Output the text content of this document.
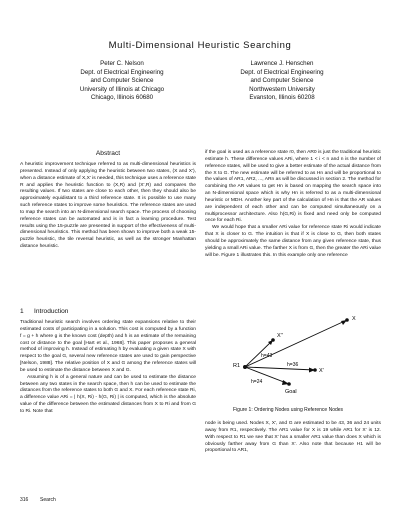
Multi-Dimensional Heuristic Searching
Peter C. Nelson
Dept. of Electrical Engineering
and Computer Science
University of Illinois at Chicago
Chicago, Illinois 60680
Lawrence J. Henschen
Dept. of Electrical Engineering
and Computer Science
Northwestern University
Evanston, Illinois 60208
Abstract

A heuristic improvement technique referred to as multi-dimensional heuristics is presented. Instead of only applying the heuristic between two states, (X and X'), when a distance estimate of X,X' is needed, this technique uses a reference state R and applies the heuristic function to (X,R) and (X',R) and compares the resulting values. If two states are close to each other, then they should also be approximately equidistant to a third reference state. It is possible to use many such reference states to improve some heuristics. The reference states are used to map the search into an N-dimensional search space. The process of choosing reference states can be automated and is in fact a learning procedure. Test results using the 15-puzzle are presented in support of the effectiveness of multi-dimensional heuristics. This method has been shown to improve both a weak 15-puzzle heuristic, the tile reversal heuristic, as well as the stronger Manhattan distance heuristic.

1 Introduction

Traditional heuristic search involves ordering state expansions relative to their estimated costs of participating in a solution. This cost is computed by a function f = g + h where g is the known cost (depth) and h is an estimate of the remaining cost or distance to the goal [Hart et al., 1968]. This paper proposes a general method of improving h. Instead of estimating h by evaluating a given state X with respect to the goal G, several new reference states are used to gain perspective [Nelson, 1988]. The relative position of X and G among the reference states will be used to estimate the distance between X and G.

Assuming h is of a general nature and can be used to estimate the distance between any two states in the search space, then h can be used to estimate the distances from the reference states to both G and X. For each reference state Ri, a difference value ARi = | h(X, Ri) - h(G, Ri) | is computed, which is the absolute value of the difference between the estimated distances from X to Ri and from G to Ri. Note that

if the goal is used as a reference state r0, then AR0 is just the traditional heuristic estimate h. These difference values ARi, where 1 < i < n and n is the number of reference states, will be used to give a better estimate of the actual distance from the X to G. The new estimate will be referred to as Hn and will be proportional to the values of AR1, AR2, ..., ARn as will be discussed in section 2. The method for combining the AR values to get Hn is based on mapping the search space into an N-dimensional space which is why Hn is referred to as a multi-dimensional heuristic or MDH. Another key part of the calculation of Hn is that the AR values are independent of each other and can be computed simultaneously on a multiprocessor architecture. Also h(G,Ri) is fixed and need only be computed once for each Ri.

We would hope that a smaller ARi value for reference state Ri would indicate that X is closer to G. The intuition is that if X is close to G, then both states should be approximately the same distance from any given reference state, thus yielding a small ARi value. The farther X is from G, then the greater the ARi value will be. Figure 1 illustrates this. In this example only one reference

X
X''
X'
Goal
R1
h=43
h=36
h=24
Figure 1: Ordering Nodes using Reference Nodes

node is being used. Nodes X, X', and G are estimated to be 43, 36 and 24 units away from R1, respectively. The AR1 value for X is 19 while AR1 for X' is 12. With respect to R1 we see that X' has a smaller AR1 value than does X which is obviously farther away from G than X'. Also note that because H1 will be proportional to AR1,

316 Search
